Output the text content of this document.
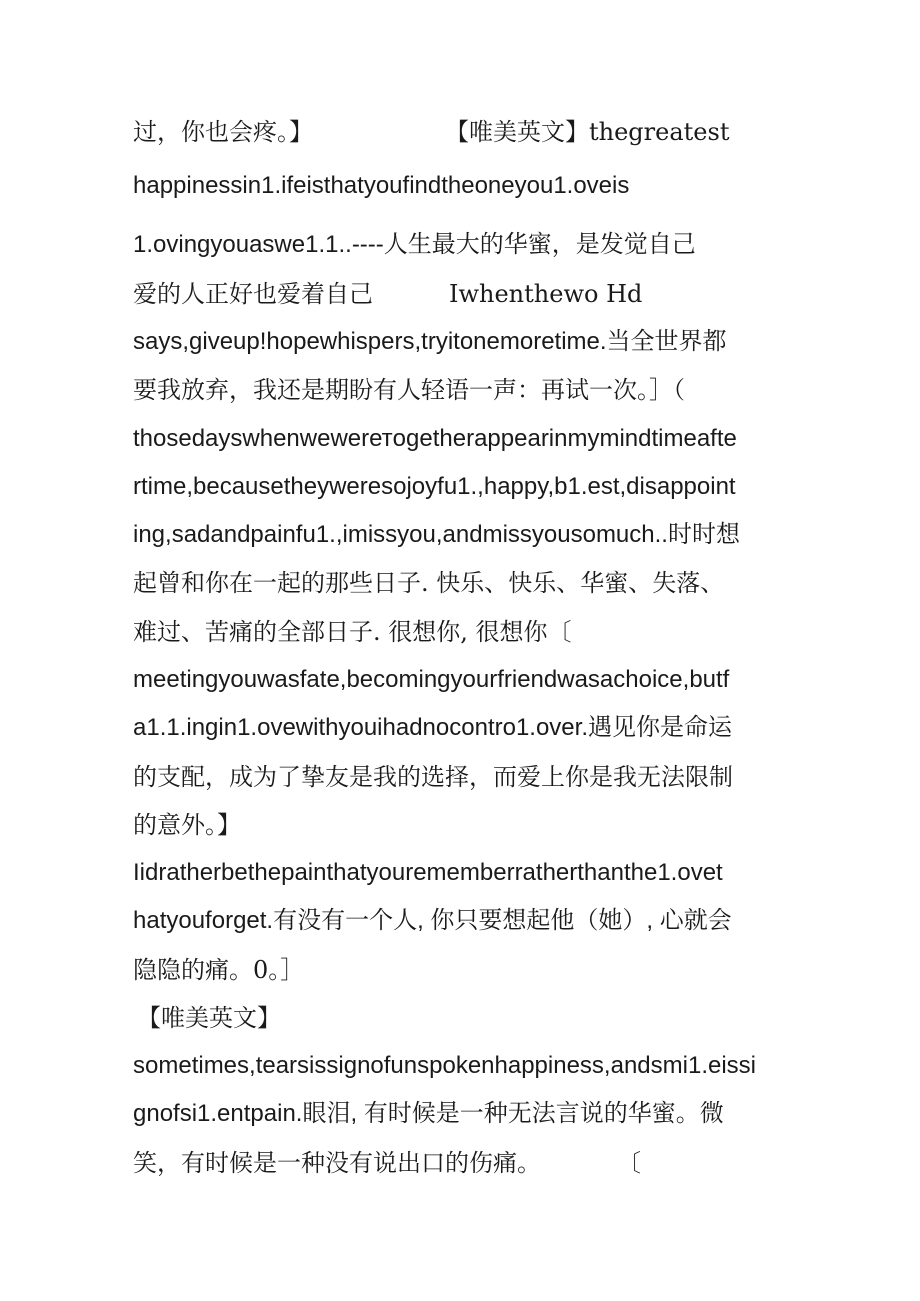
过，你也会疼。】	【唯美英文】thegreatest
happinessin1.ifeisthatyoufindtheoneyou1.oveis
1.ovingyouaswe1.1..----人生最大的华蜜，是发觉自己
爱的人正好也爱着自己	Iwhenthewo Hd
says,giveup!hopewhispers,tryitonemoretime.当全世界都
要我放弃，我还是期盼有人轻语一声：再试一次。］（
thosedayswhenwewerетogetherappearinmymindtimeafte
rtime,becausetheyweresojoyfu1.,happy,b1.est,disappoint
ing,sadandpainfu1.,imissyou,andmissyousomuch..时时想
起曾和你在一起的那些日子. 快乐、快乐、华蜜、失落、
难过、苦痛的全部日子. 很想你, 很想你〔
meetingyouwasfate,becomingyourfriendwasachoice,butf
a1.1.ingin1.ovewithyouihadnocontro1.over.遇见你是命运
的支配，成为了挚友是我的选择，而爱上你是我无法限制
的意外。】
Iidratherbethepainthatyourememberratherthanthe1.ovet
hatyouforget.有没有一个人, 你只要想起他（她）, 心就会
隐隐的痛。0。］
【唯美英文】
sometimes,tearsissignofunspokenhappiness,andsmi1.eissi
gnofsi1.entpain.眼泪, 有时候是一种无法言说的华蜜。微
笑，有时候是一种没有说出口的伤痛。	〔
